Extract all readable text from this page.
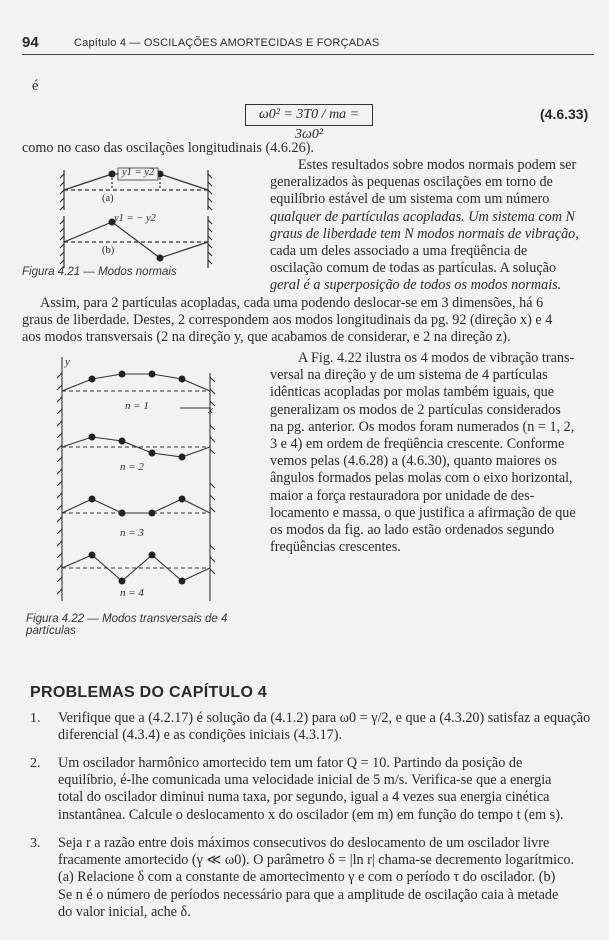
94	Capítulo 4 — OSCILAÇÕES AMORTECIDAS E FORÇADAS
é
ω0² = 3T0 / ma = 3ω0²
(4.6.33)
como no caso das oscilações longitudinais (4.6.26).
Estes resultados sobre modos normais podem ser
generalizados às pequenas oscilações em torno de
equilíbrio estável de um sistema com um número
qualquer de partículas acopladas. Um sistema com N
graus de liberdade tem N modos normais de vibração,
cada um deles associado a uma freqüência de
oscilação comum de todas as partículas. A solução
geral é a superposição de todos os modos normais.
y1 = y2
(a)
y1 = − y2
(b)
Figura 4.21 — Modos normais
Assim, para 2 partículas acopladas, cada uma podendo deslocar-se em 3 dimensões, há 6
graus de liberdade. Destes, 2 correspondem aos modos longitudinais da pg. 92 (direção x) e 4
aos modos transversais (2 na direção y, que acabamos de considerar, e 2 na direção z).
y
x
n = 1
n = 2
n = 3
n = 4
Figura 4.22 — Modos transversais de 4
partículas
A Fig. 4.22 ilustra os 4 modos de vibração trans-
versal na direção y de um sistema de 4 partículas
idênticas acopladas por molas também iguais, que
generalizam os modos de 2 partículas considerados
na pg. anterior. Os modos foram numerados (n = 1, 2,
3 e 4) em ordem de freqüência crescente. Conforme
vemos pelas (4.6.28) a (4.6.30), quanto maiores os
ângulos formados pelas molas com o eixo horizontal,
maior a força restauradora por unidade de des-
locamento e massa, o que justifica a afirmação de que
os modos da fig. ao lado estão ordenados segundo
freqüências crescentes.
PROBLEMAS DO CAPÍTULO 4
1. Verifique que a (4.2.17) é solução da (4.1.2) para ω0 = γ/2, e que a (4.3.20) satisfaz a equação
diferencial (4.3.4) e as condições iniciais (4.3.17).
2. Um oscilador harmônico amortecido tem um fator Q = 10. Partindo da posição de
equilíbrio, é-lhe comunicada uma velocidade inicial de 5 m/s. Verifica-se que a energia
total do oscilador diminui numa taxa, por segundo, igual a 4 vezes sua energia cinética
instantânea. Calcule o deslocamento x do oscilador (em m) em função do tempo t (em s).
3. Seja r a razão entre dois máximos consecutivos do deslocamento de um oscilador livre
fracamente amortecido (γ ≪ ω0). O parâmetro δ = |ln r| chama-se decremento logarítmico.
(a) Relacione δ com a constante de amortecimento γ e com o período τ do oscilador. (b)
Se n é o número de períodos necessário para que a amplitude de oscilação caia à metade
do valor inicial, ache δ.
